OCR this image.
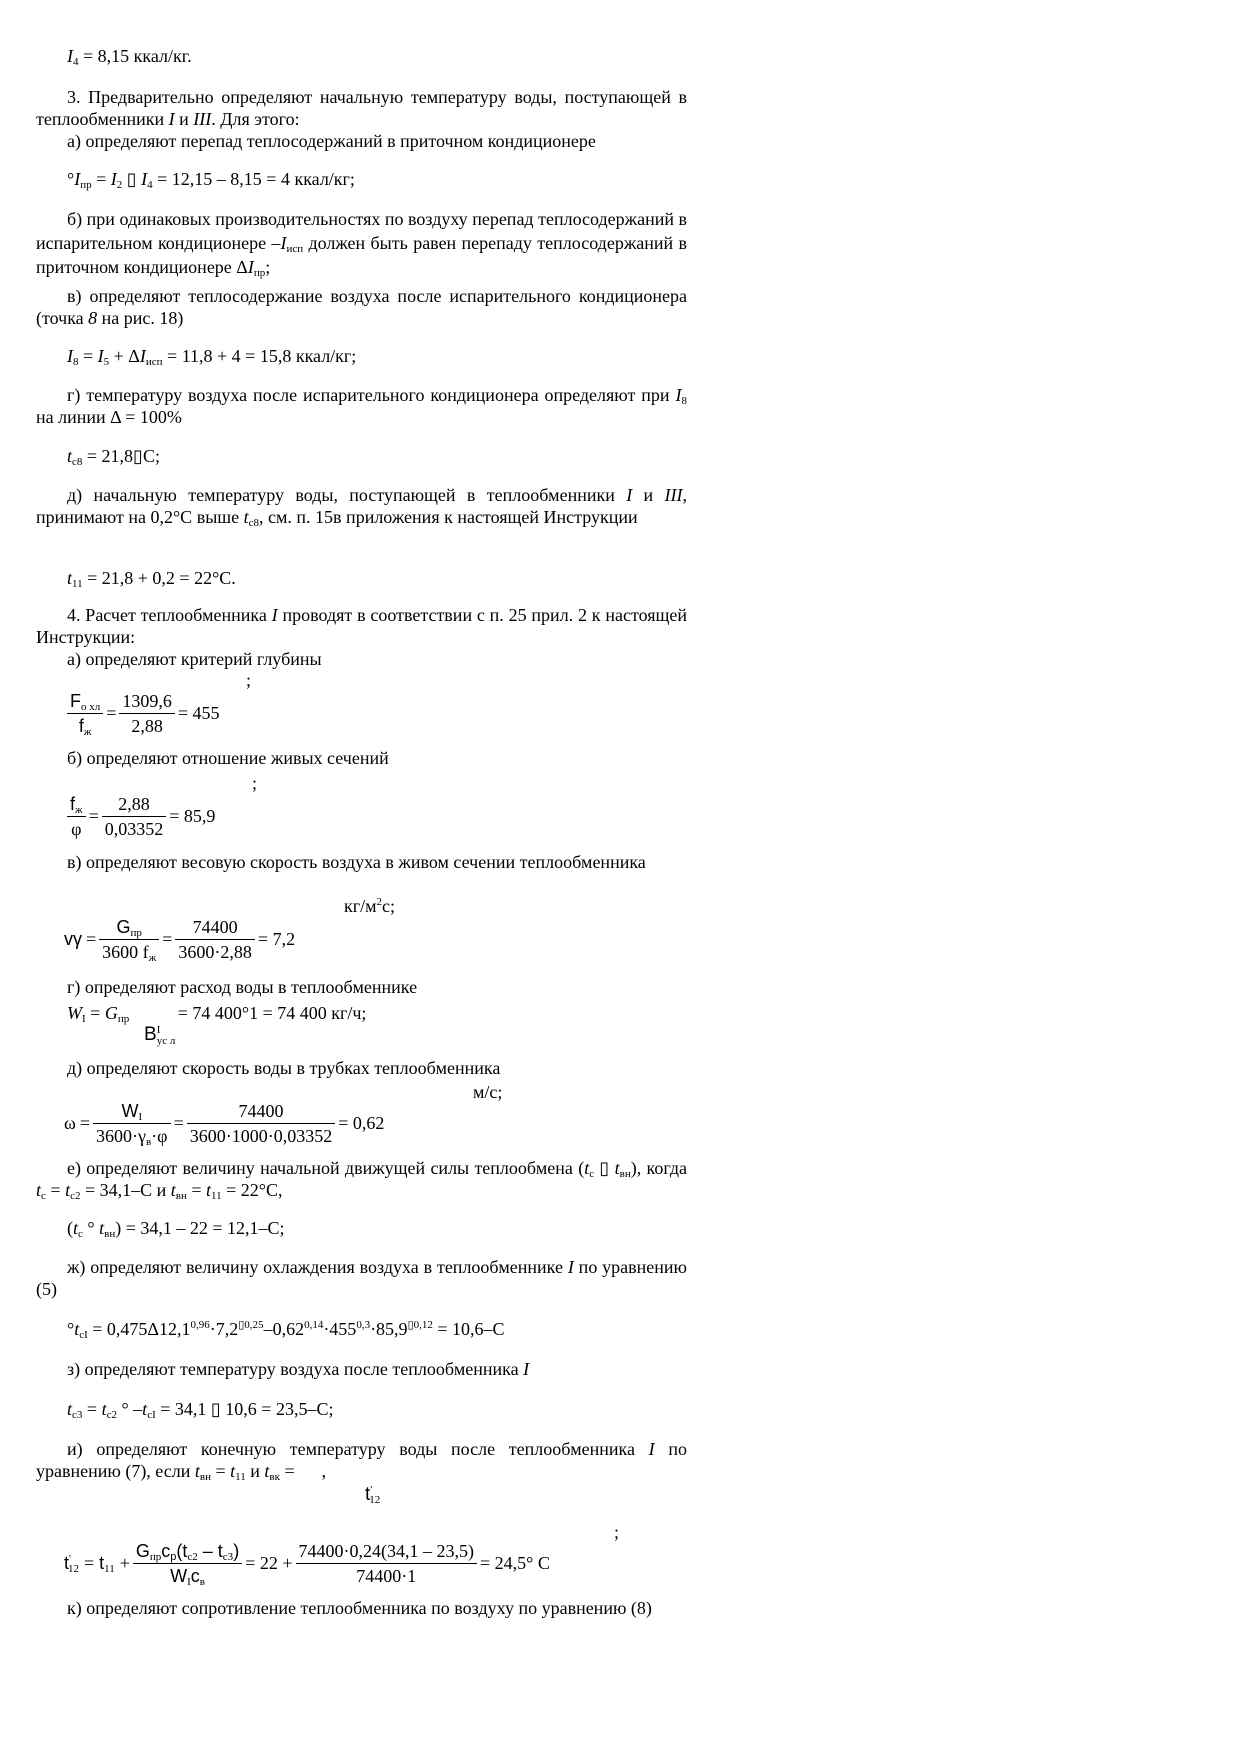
$I_4 = 8,15$ ккал/кг.
3. Предварительно определяют начальную температуру воды, поступающей в теплообменники I и III. Для этого:
а) определяют перепад теплосодержаний в приточном кондиционере
$^\circ I_{пр} = I_2$ ▯ $I_4 = 12,15 - 8,15 = 4$ ккал/кг;
б) при одинаковых производительностях по воздуху перепад теплосодержаний в испарительном кондиционере $-I_{исп}$ должен быть равен перепаду теплосодержаний в приточном кондиционере $\Delta I_{пр}$;
в) определяют теплосодержание воздуха после испарительного кондиционера (точка 8 на рис. 18)
$I_8 = I_5 + \Delta I_{исп} = 11,8 + 4 = 15,8$ ккал/кг;
г) температуру воздуха после испарительного кондиционера определяют при $I_8$ на линии Δ = 100%
$t_{c8}$ = 21,8▯C;
д) начальную температуру воды, поступающей в теплообменники I и III, принимают на 0,2°С выше $t_{c8}$, см. п. 15в приложения к настоящей Инструкции
$t_{11} = 21,8 + 0,2 = 22^\circ С$.
4. Расчет теплообменника I проводят в соответствии с п. 25 прил. 2 к настоящей Инструкции:
а) определяют критерий глубины
;
$\frac{F_{о хл}}{f_ж} = \frac{1309,6}{2,88} = 455$
б) определяют отношение живых сечений
;
$\frac{f_ж}{\varphi} = \frac{2,88}{0,03352} = 85,9$
в) определяют весовую скорость воздуха в живом сечении теплообменника
$кг/м^2с$;
$v\gamma = \frac{G_{пр}}{3600 f_ж} = \frac{74400}{3600\cdot 2,88} = 7,2$
г) определяют расход воды в теплообменнике
$W_I = G_{пр} = 74$ 400°1 = 74 400 кг/ч;
B I
ус л
д) определяют скорость воды в трубках теплообменника
м/с;
$\omega = \frac{W_I}{3600\cdot\gamma_в\cdot\varphi} = \frac{74400}{3600\cdot 1000\cdot 0,03352} = 0,62$
е) определяют величину начальной движущей силы теплообмена ($t_c$ ▯ $t_{вн}$), когда $t_c = t_{c2} = 34,1-С$ и $t_{вн} = t_{11} = 22^\circ С$,
($t_c$ ° $t_{вн}) = 34,1 - 22 = 12,1-С$;
ж) определяют величину охлаждения воздуха в теплообменнике I по уравнению (5)
$^\circ t_{cI} = 0,475\Delta 12,1^{0,96}\cdot 7,2^{▯0,25}-0,62^{0,14}\cdot 455^{0,3}\cdot 85,9^{▯0,12} = 10,6-С$
з) определяют температуру воздуха после теплообменника I
$t_{c3} = t_{c2}$ ° $-t_{cI} = 34,1$ ▯ 10,6 = 23,5–С;
и) определяют конечную температуру воды после теплообменника I по уравнению (7), если $t_{вн} = t_{11}$ и $t_{вк}$ =      ,
$t'_{12}$
;
$t'_{12} = t_{11} + \frac{G_{пр}c_p(t_{c2} - t_{c3})}{W_Ic_в} = 22 + \frac{74400\cdot 0,24(34,1 - 23,5)}{74400\cdot 1} = 24,5^\circ$ C
к) определяют сопротивление теплообменника по воздуху по уравнению (8)
